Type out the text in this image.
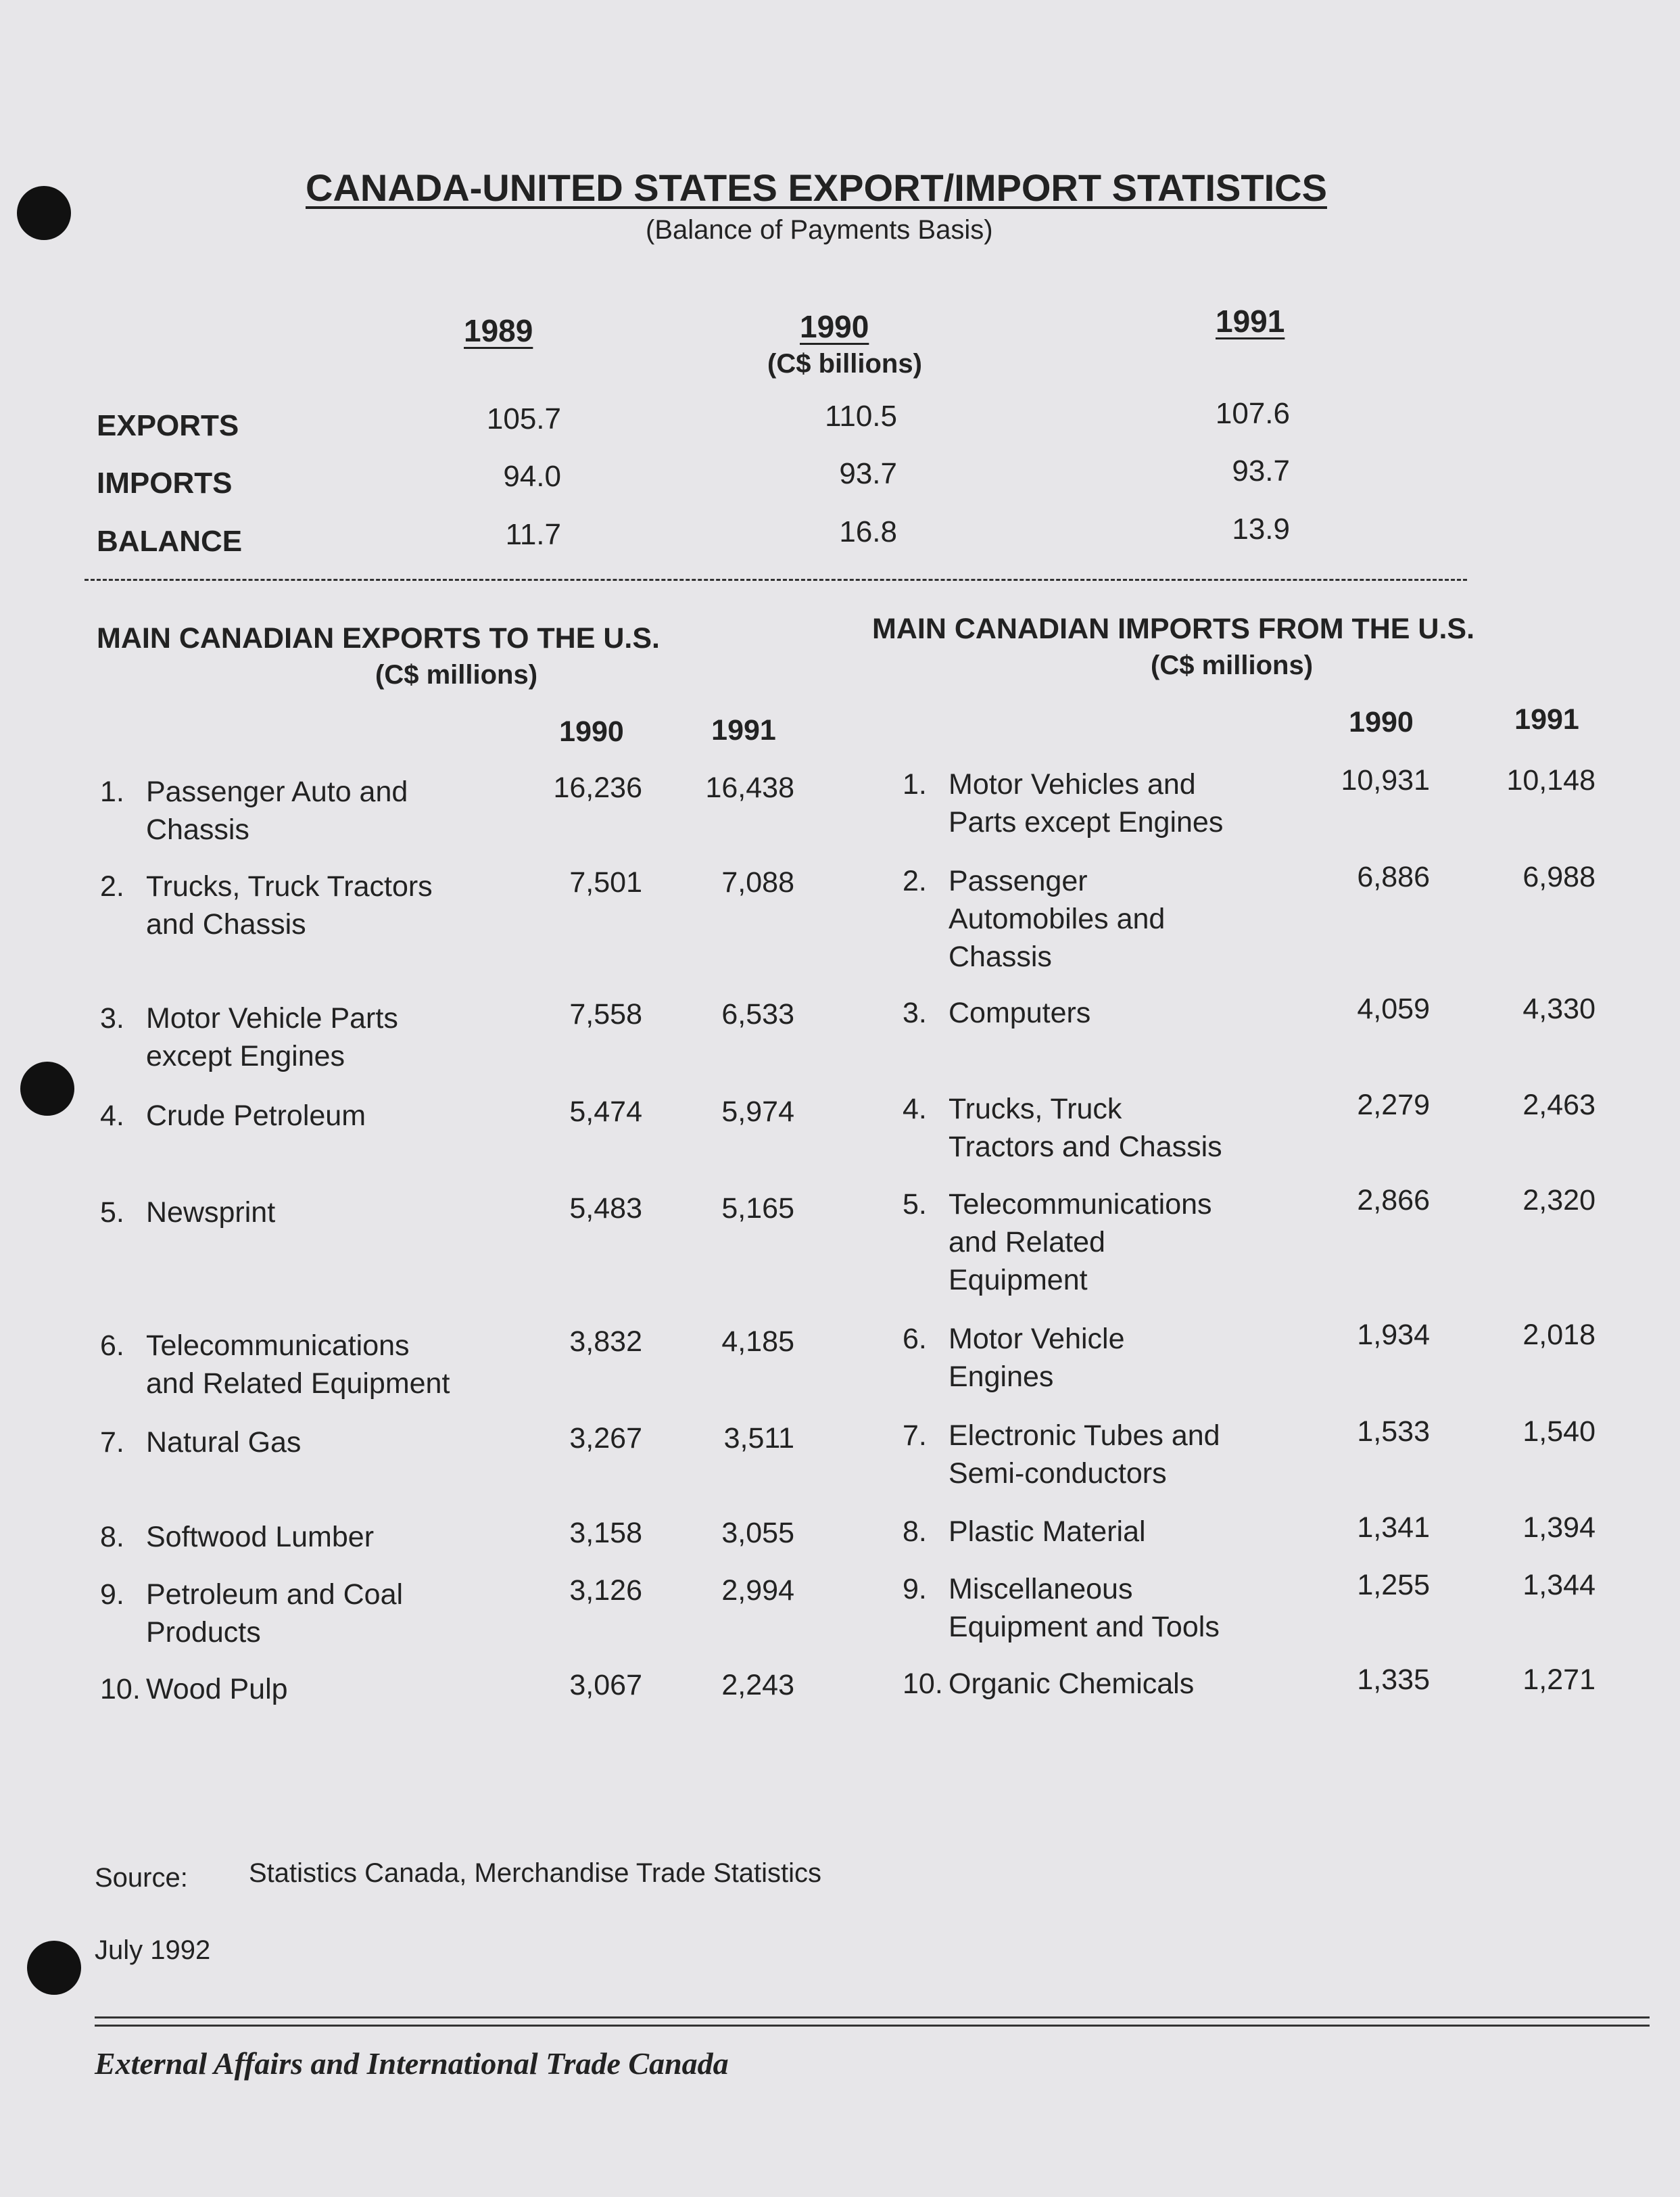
CANADA-UNITED STATES EXPORT/IMPORT STATISTICS
(Balance of Payments Basis)
1989	1990	1991
(C$ billions)
EXPORTS	105.7	110.5	107.6
IMPORTS	94.0	93.7	93.7
BALANCE	11.7	16.8	13.9
MAIN CANADIAN EXPORTS TO THE U.S.
(C$ millions)
1990	1991
1. Passenger Auto and
Chassis
16,236	16,438
2. Trucks, Truck Tractors
and Chassis
7,501	7,088
3. Motor Vehicle Parts
except Engines
7,558	6,533
4. Crude Petroleum	5,474	5,974
5. Newsprint	5,483	5,165
6. Telecommunications
and Related Equipment
3,832	4,185
7. Natural Gas	3,267	3,511
8. Softwood Lumber	3,158	3,055
9. Petroleum and Coal
Products
3,126	2,994
10. Wood Pulp	3,067	2,243
MAIN CANADIAN IMPORTS FROM THE U.S.
(C$ millions)
1990	1991
1. Motor Vehicles and
Parts except Engines
10,931	10,148
2. Passenger
Automobiles and
Chassis
6,886	6,988
3. Computers	4,059	4,330
4. Trucks, Truck
Tractors and Chassis
2,279	2,463
5. Telecommunications
and Related
Equipment
2,866	2,320
6. Motor Vehicle
Engines
1,934	2,018
7. Electronic Tubes and
Semi-conductors
1,533	1,540
8. Plastic Material	1,341	1,394
9. Miscellaneous
Equipment and Tools
1,255	1,344
10. Organic Chemicals	1,335	1,271
Source: Statistics Canada, Merchandise Trade Statistics
July 1992
External Affairs and International Trade Canada
